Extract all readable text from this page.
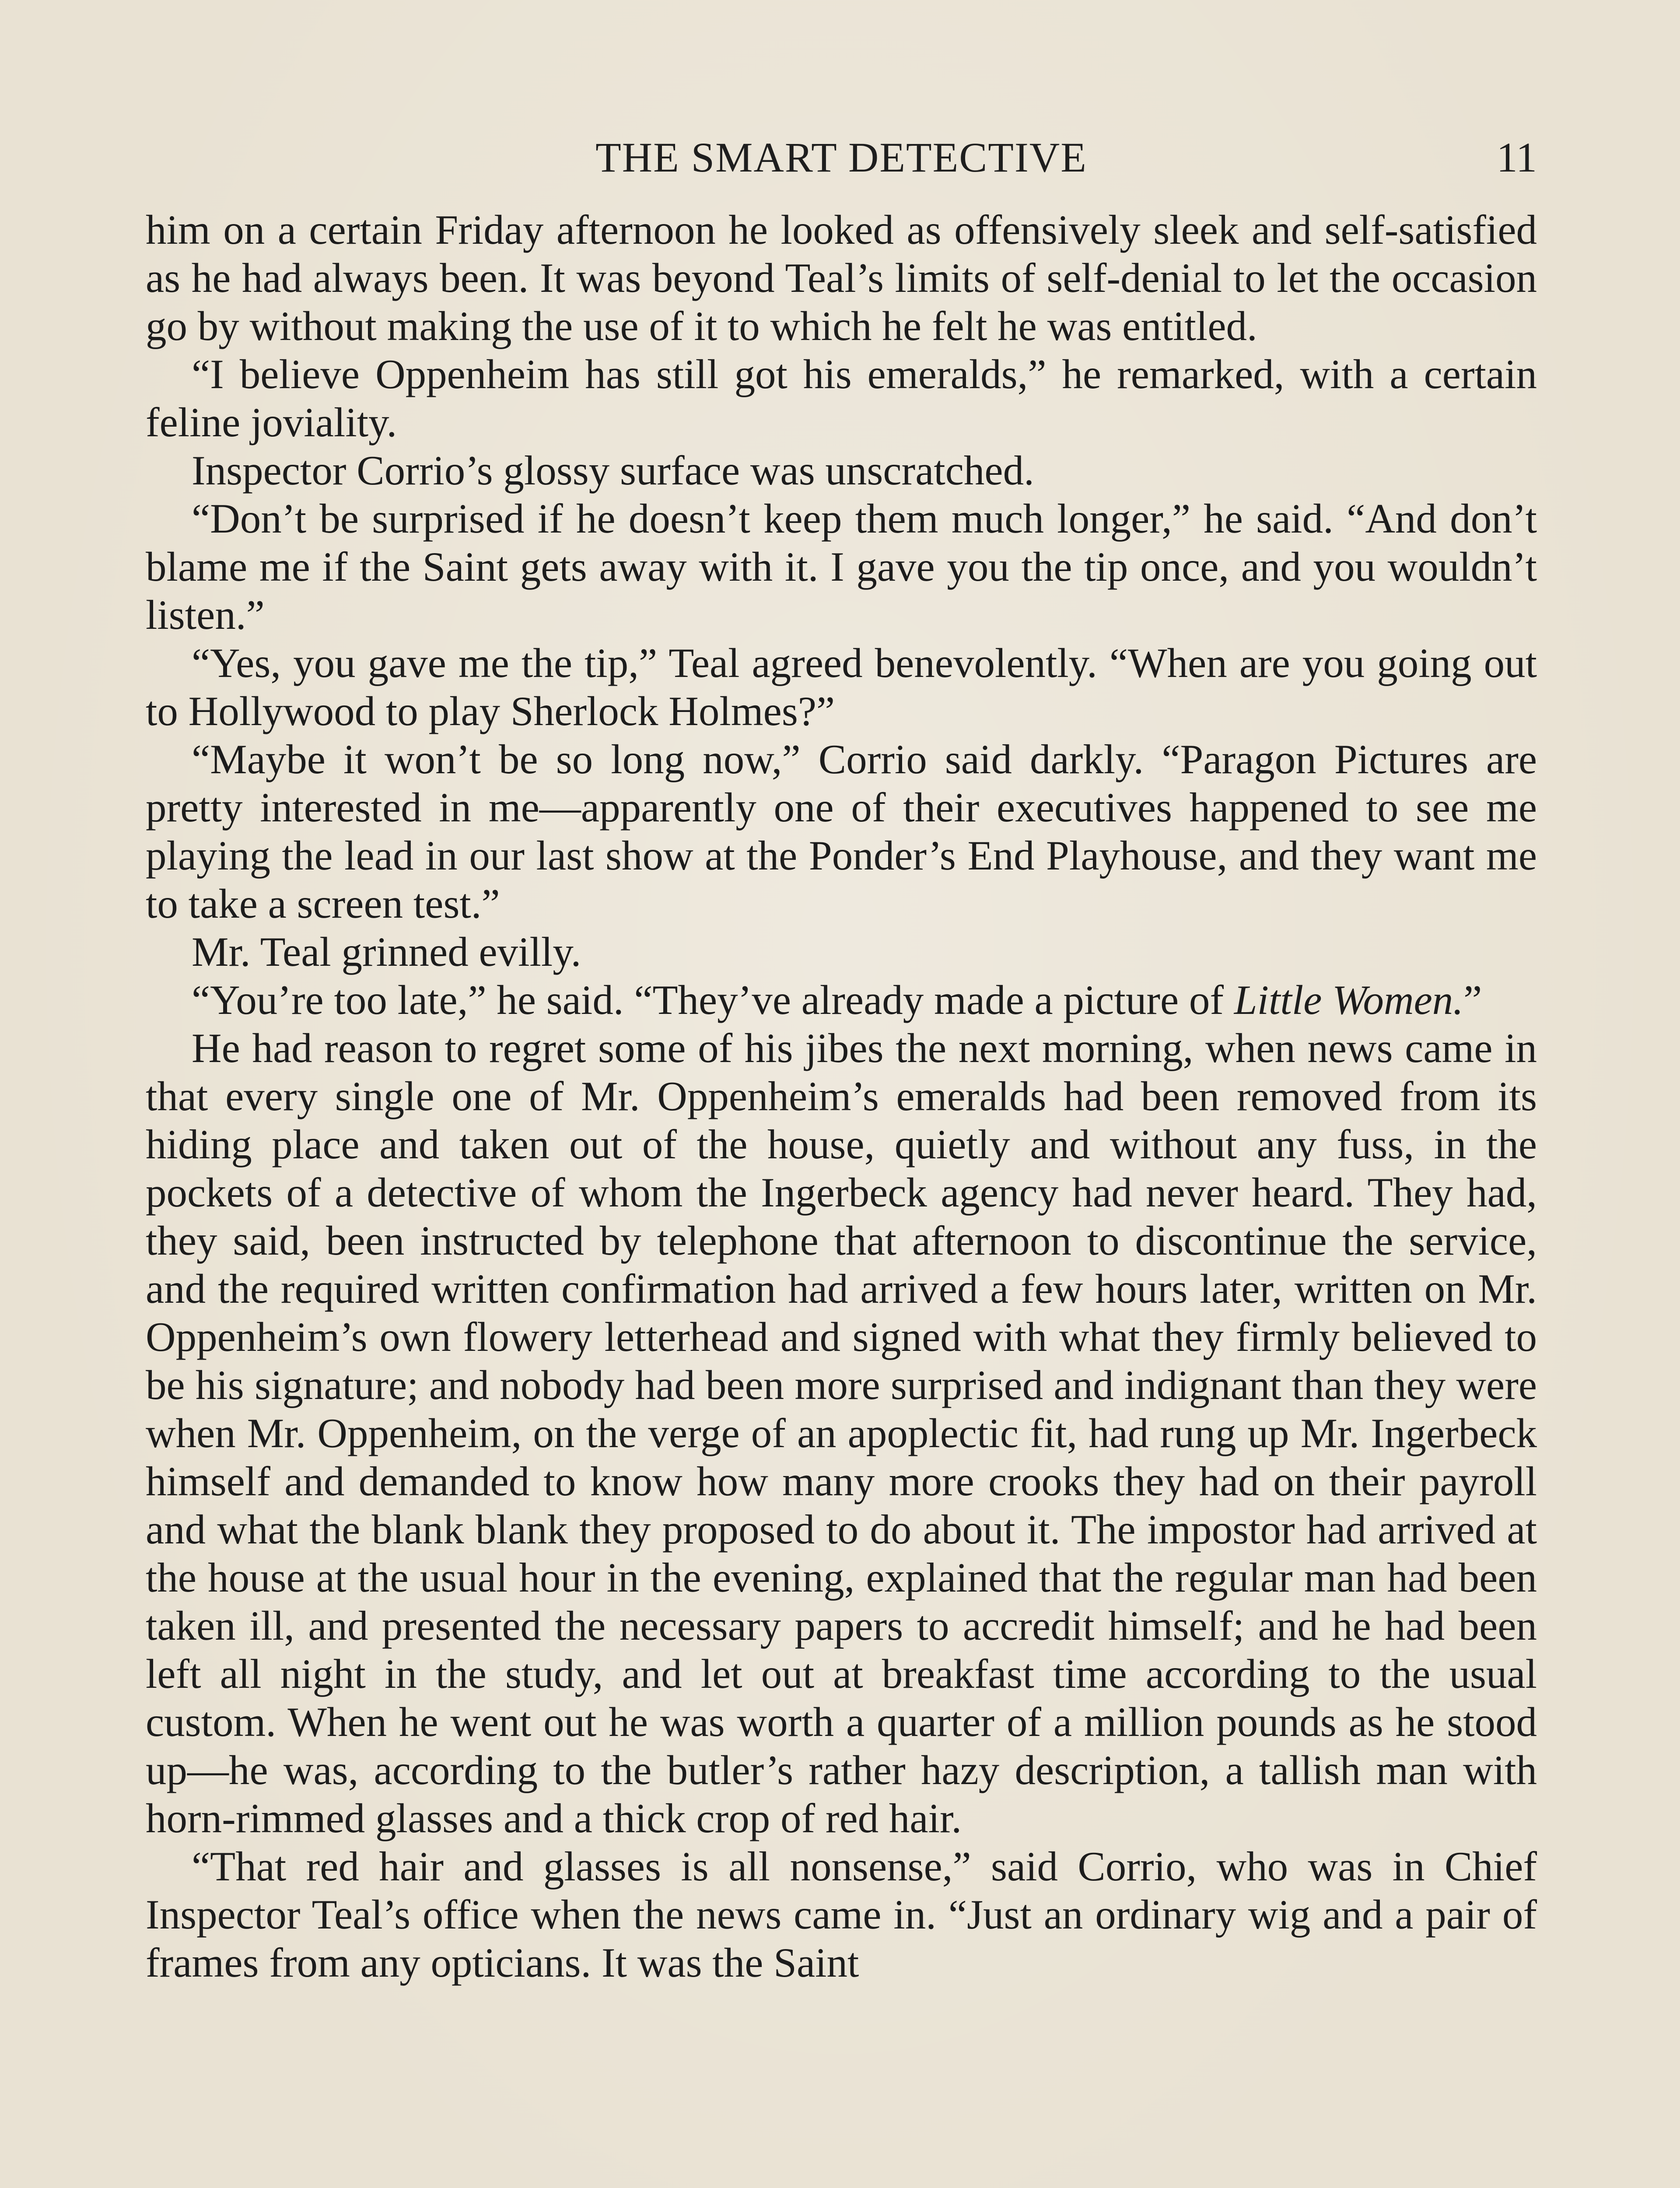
THE SMART DETECTIVE	11

him on a certain Friday afternoon he looked as offensively sleek and self-satisfied as he had always been. It was beyond Teal’s limits of self-denial to let the occasion go by without making the use of it to which he felt he was entitled.

“I believe Oppenheim has still got his emeralds,” he remarked, with a certain feline joviality.

Inspector Corrio’s glossy surface was unscratched.

“Don’t be surprised if he doesn’t keep them much longer,” he said. “And don’t blame me if the Saint gets away with it. I gave you the tip once, and you wouldn’t listen.”

“Yes, you gave me the tip,” Teal agreed benevolently. “When are you going out to Hollywood to play Sherlock Holmes?”

“Maybe it won’t be so long now,” Corrio said darkly. “Paragon Pictures are pretty interested in me—apparently one of their executives happened to see me playing the lead in our last show at the Ponder’s End Playhouse, and they want me to take a screen test.”

Mr. Teal grinned evilly.

“You’re too late,” he said. “They’ve already made a picture of Little Women.”

He had reason to regret some of his jibes the next morning, when news came in that every single one of Mr. Oppenheim’s emeralds had been removed from its hiding place and taken out of the house, quietly and without any fuss, in the pockets of a detective of whom the Ingerbeck agency had never heard. They had, they said, been instructed by telephone that afternoon to discontinue the service, and the required written confirmation had arrived a few hours later, written on Mr. Oppenheim’s own flowery letterhead and signed with what they firmly believed to be his signature; and nobody had been more surprised and indignant than they were when Mr. Oppenheim, on the verge of an apoplectic fit, had rung up Mr. Ingerbeck himself and demanded to know how many more crooks they had on their payroll and what the blank blank they proposed to do about it. The impostor had arrived at the house at the usual hour in the evening, explained that the regular man had been taken ill, and presented the necessary papers to accredit himself; and he had been left all night in the study, and let out at breakfast time according to the usual custom. When he went out he was worth a quarter of a million pounds as he stood up—he was, according to the butler’s rather hazy description, a tallish man with horn-rimmed glasses and a thick crop of red hair.

“That red hair and glasses is all nonsense,” said Corrio, who was in Chief Inspector Teal’s office when the news came in. “Just an ordinary wig and a pair of frames from any opticians. It was the Saint
